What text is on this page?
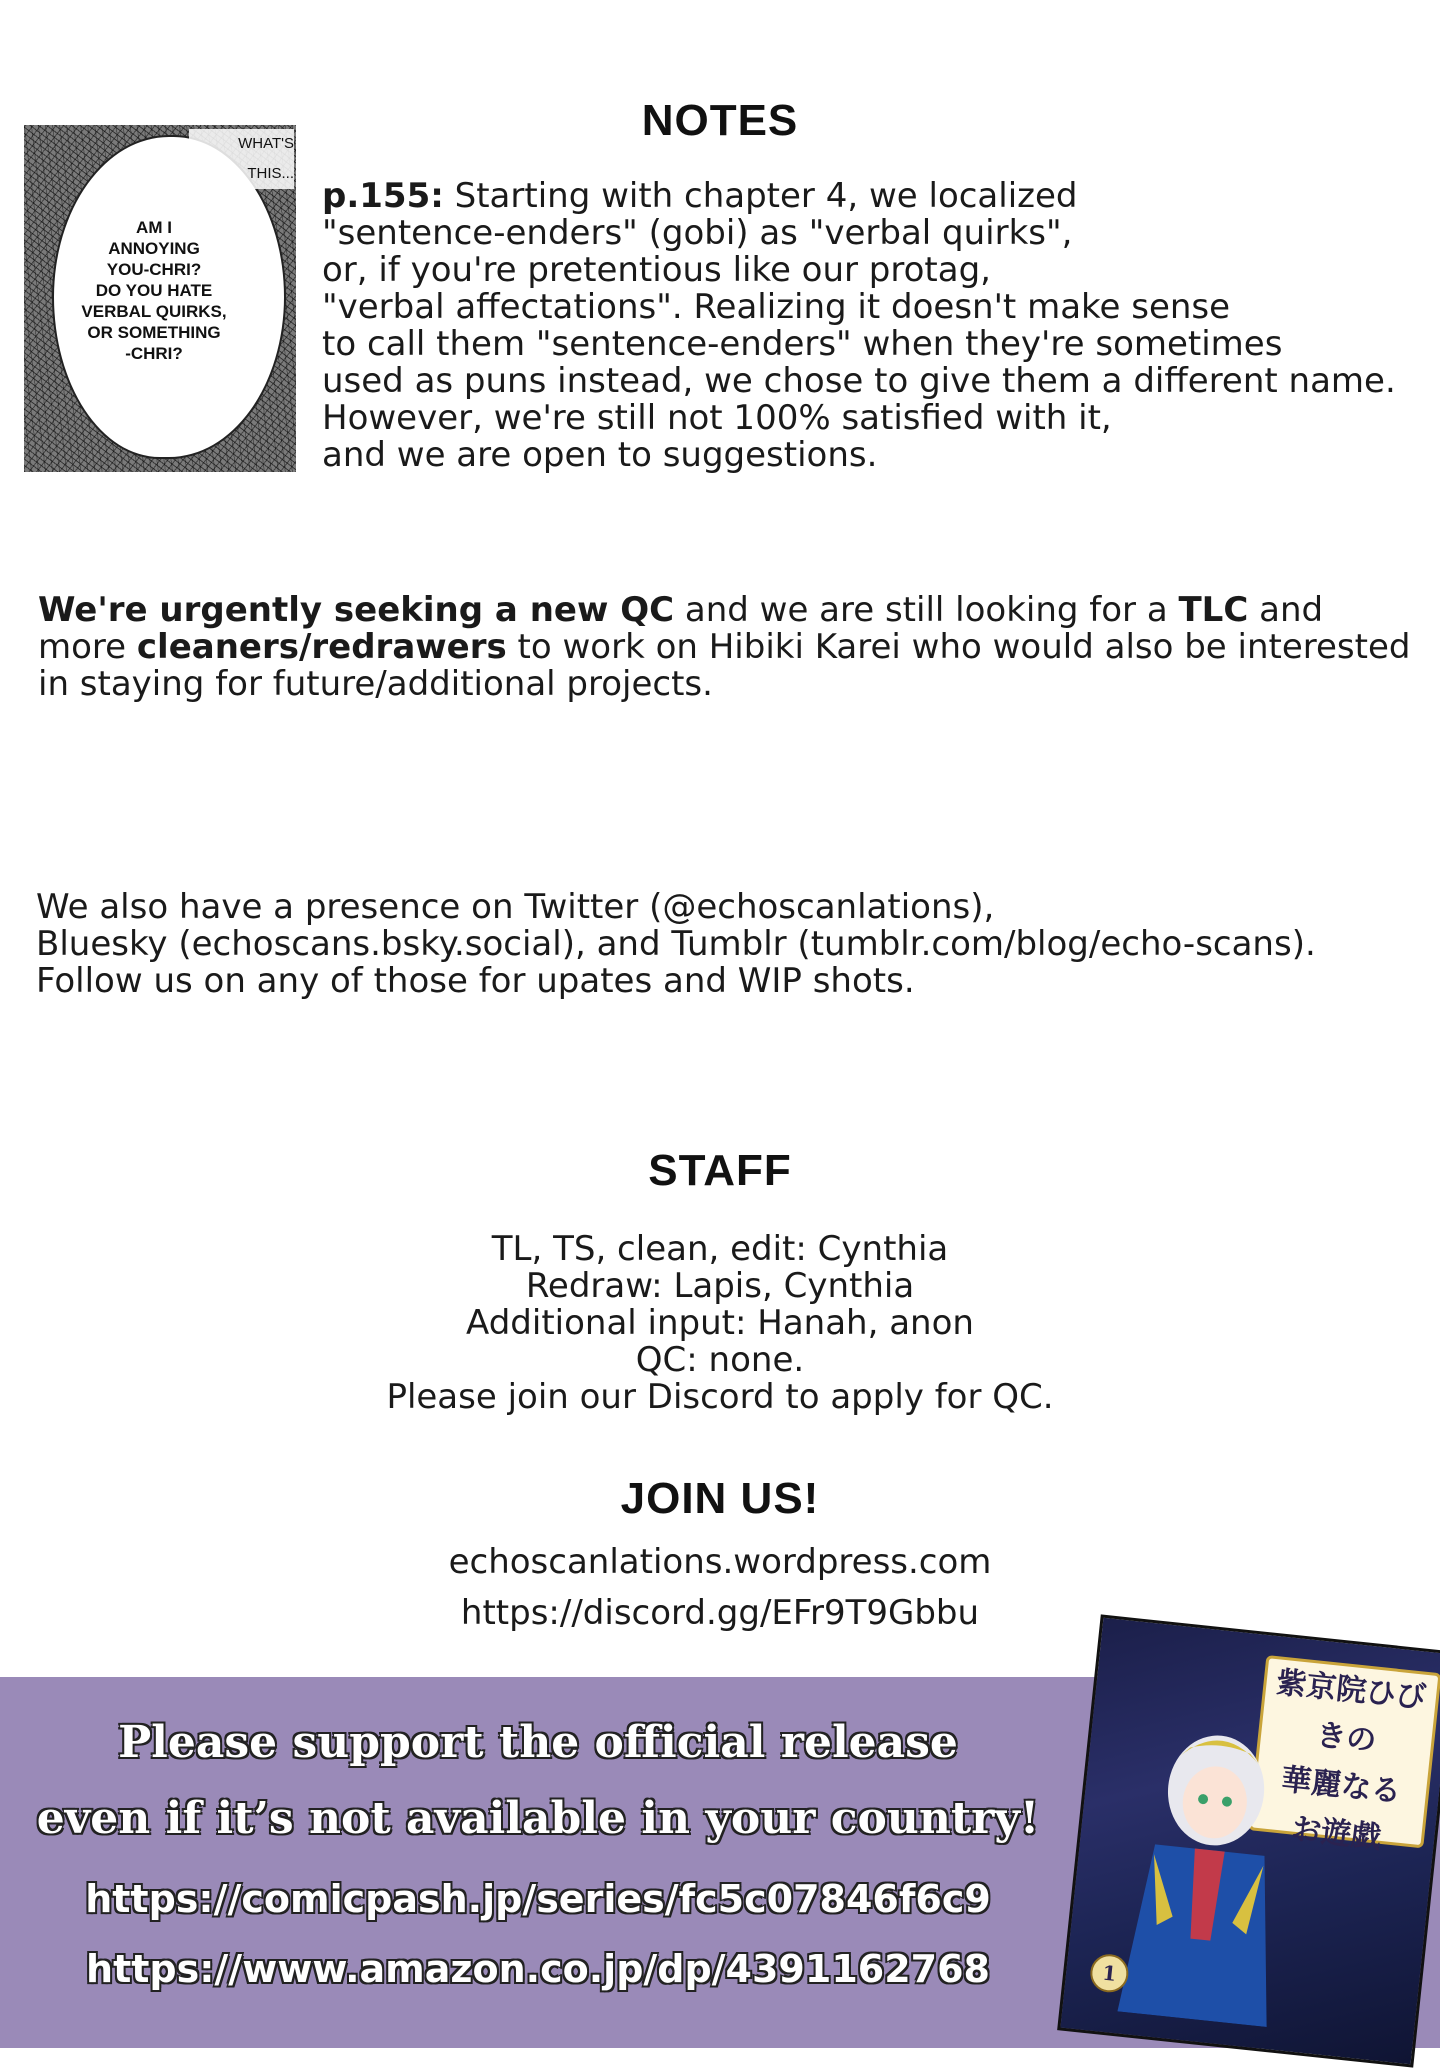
NOTES
AM I
ANNOYING
YOU-CHRI?
DO YOU HATE
VERBAL QUIRKS,
OR SOMETHING
-CHRI?
WHAT'S
THIS...
p.155: Starting with chapter 4, we localized
"sentence-enders" (gobi) as "verbal quirks",
or, if you're pretentious like our protag,
"verbal affectations". Realizing it doesn't make sense
to call them "sentence-enders" when they're sometimes
used as puns instead, we chose to give them a different name.
However, we're still not 100% satisfied with it,
and we are open to suggestions.
We're urgently seeking a new QC and we are still looking for a TLC and
more cleaners/redrawers to work on Hibiki Karei who would also be interested
in staying for future/additional projects.
We also have a presence on Twitter (@echoscanlations),
Bluesky (echoscans.bsky.social), and Tumblr (tumblr.com/blog/echo-scans).
Follow us on any of those for upates and WIP shots.
STAFF
TL, TS, clean, edit: Cynthia
Redraw: Lapis, Cynthia
Additional input: Hanah, anon
QC: none.
Please join our Discord to apply for QC.
JOIN US!
echoscanlations.wordpress.com
https://discord.gg/EFr9T9Gbbu
Please support the official release
even if it’s not available in your country!
https://comicpash.jp/series/fc5c07846f6c9
https://www.amazon.co.jp/dp/4391162768
紫京院ひびきの
華麗なる
お遊戯
1
